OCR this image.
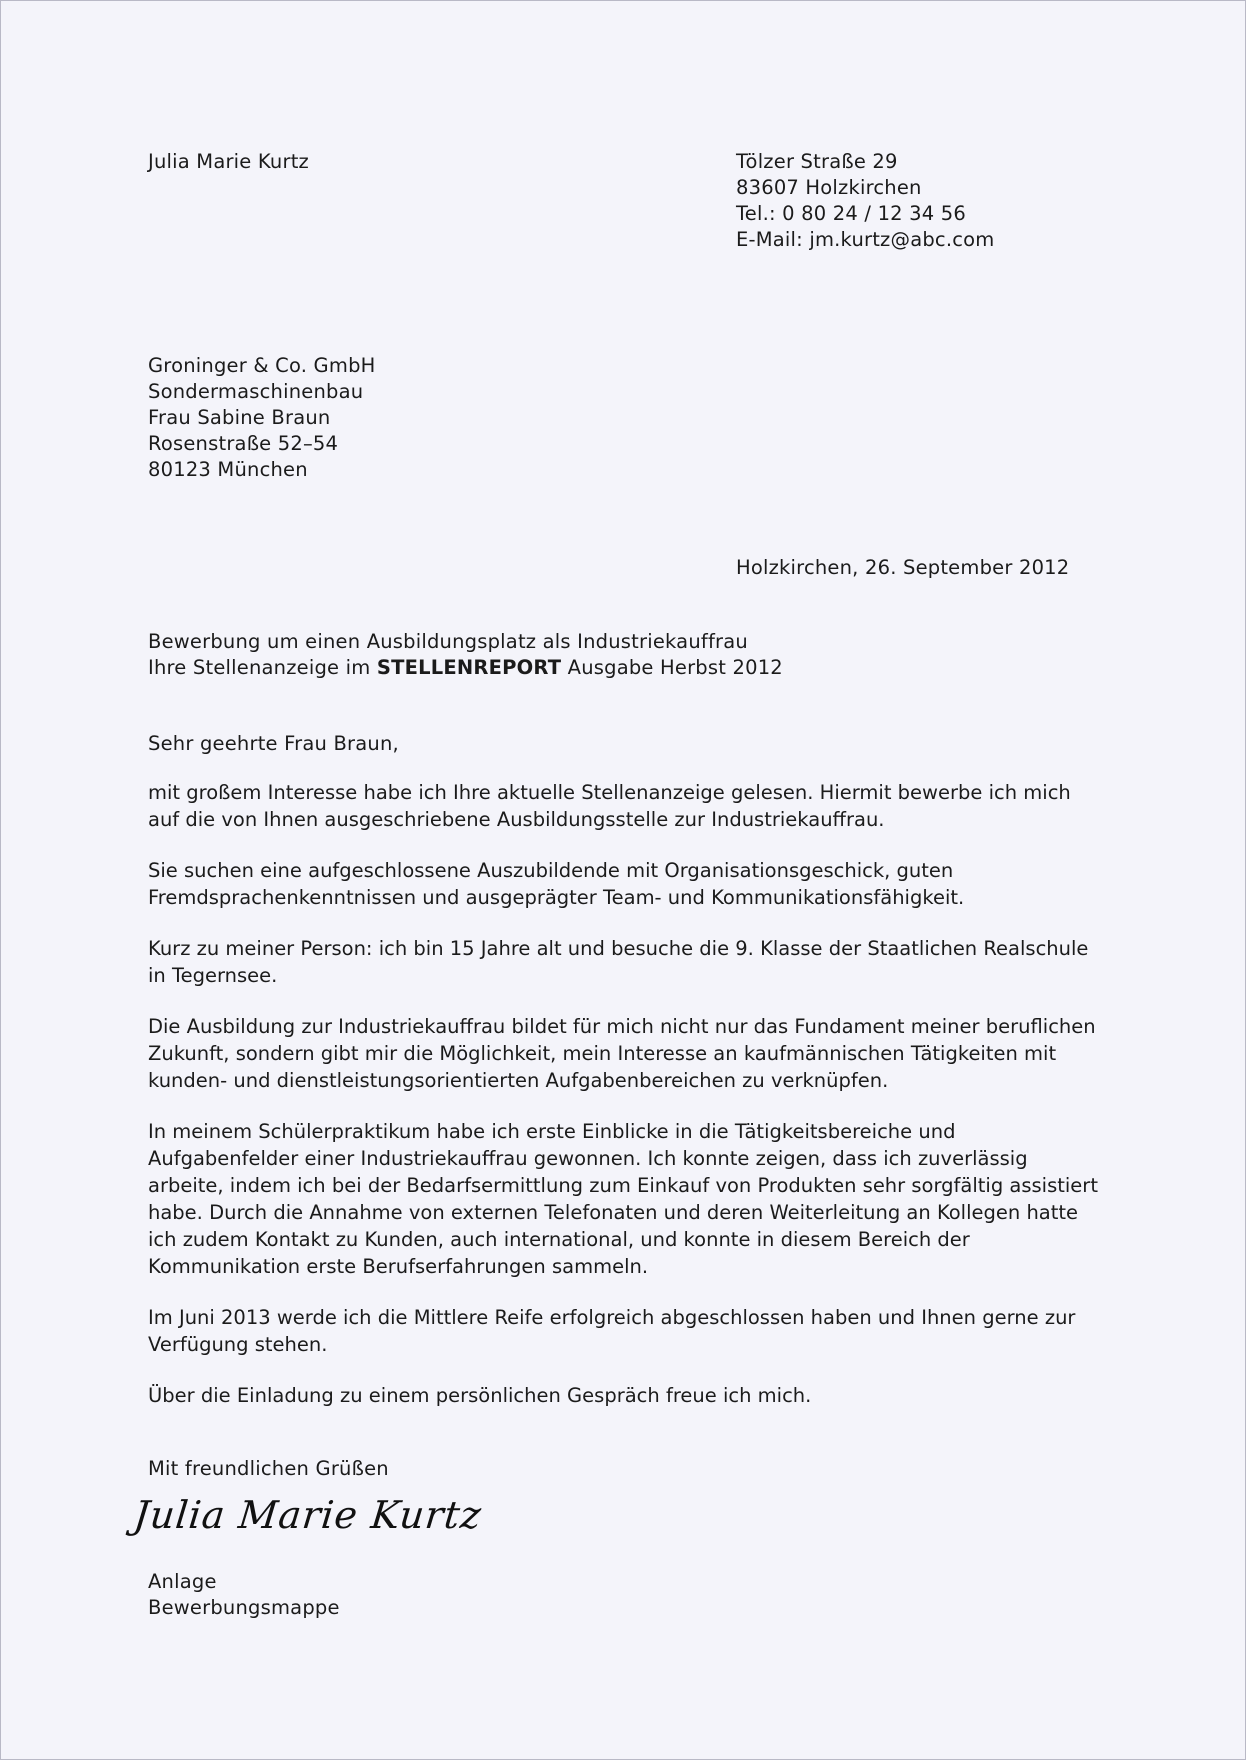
Julia Marie Kurtz	Tölzer Straße 29
83607 Holzkirchen
Tel.: 0 80 24 / 12 34 56
E-Mail: jm.kurtz@abc.com
Groninger & Co. GmbH
Sondermaschinenbau
Frau Sabine Braun
Rosenstraße 52–54
80123 München
Holzkirchen, 26. September 2012
Bewerbung um einen Ausbildungsplatz als Industriekauffrau
Ihre Stellenanzeige im STELLENREPORT Ausgabe Herbst 2012
Sehr geehrte Frau Braun,

mit großem Interesse habe ich Ihre aktuelle Stellenanzeige gelesen. Hiermit bewerbe ich mich auf die von Ihnen ausgeschriebene Ausbildungsstelle zur Industriekauffrau.

Sie suchen eine aufgeschlossene Auszubildende mit Organisationsgeschick, guten Fremdsprachenkenntnissen und ausgeprägter Team- und Kommunikationsfähigkeit.

Kurz zu meiner Person: ich bin 15 Jahre alt und besuche die 9. Klasse der Staatlichen Realschule in Tegernsee.

Die Ausbildung zur Industriekauffrau bildet für mich nicht nur das Fundament meiner beruflichen Zukunft, sondern gibt mir die Möglichkeit, mein Interesse an kaufmännischen Tätigkeiten mit kunden- und dienstleistungsorientierten Aufgabenbereichen zu verknüpfen.

In meinem Schülerpraktikum habe ich erste Einblicke in die Tätigkeitsbereiche und Aufgabenfelder einer Industriekauffrau gewonnen. Ich konnte zeigen, dass ich zuverlässig arbeite, indem ich bei der Bedarfsermittlung zum Einkauf von Produkten sehr sorgfältig assistiert habe. Durch die Annahme von externen Telefonaten und deren Weiterleitung an Kollegen hatte ich zudem Kontakt zu Kunden, auch international, und konnte in diesem Bereich der Kommunikation erste Berufserfahrungen sammeln.

Im Juni 2013 werde ich die Mittlere Reife erfolgreich abgeschlossen haben und Ihnen gerne zur Verfügung stehen.

Über die Einladung zu einem persönlichen Gespräch freue ich mich.

Mit freundlichen Grüßen
Julia Marie Kurtz
Anlage
Bewerbungsmappe
